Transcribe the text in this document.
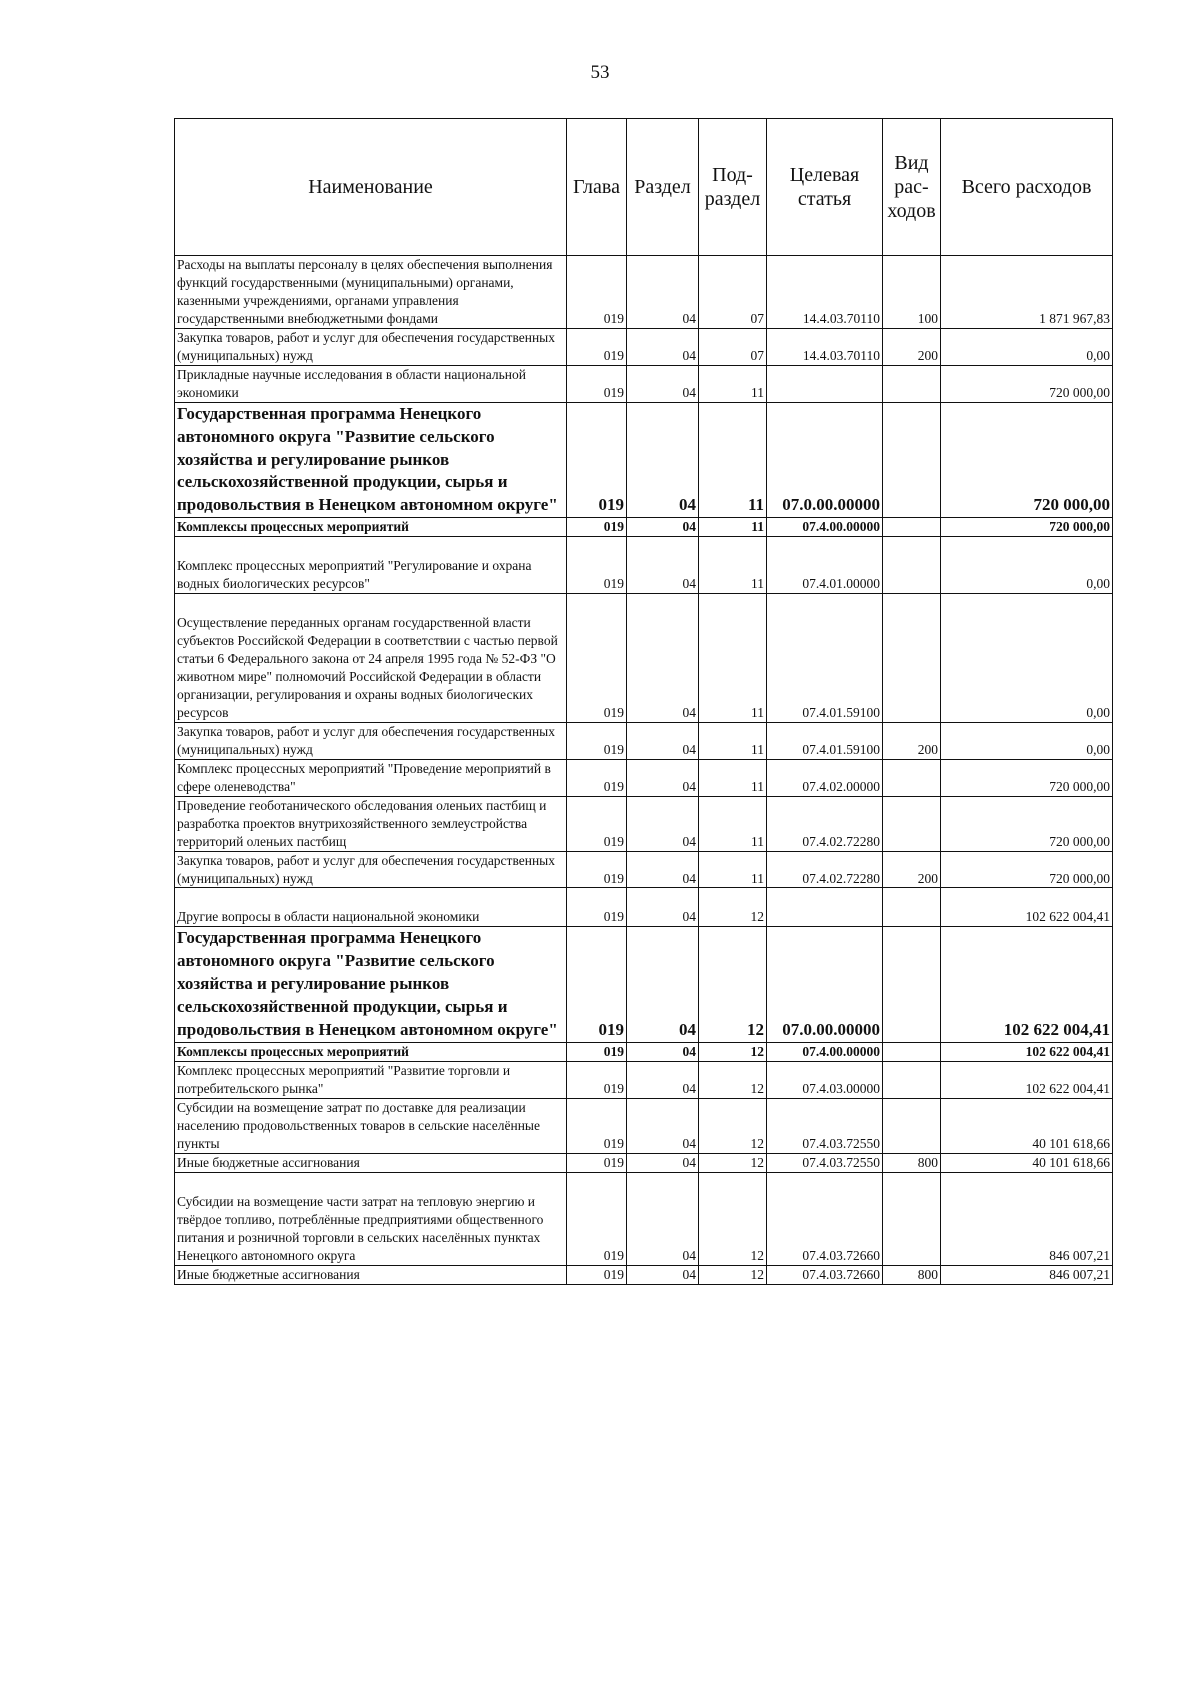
53
Наименование	Глава	Раздел	Под-раздел	Целевая статья	Вид рас-ходов	Всего расходов
Расходы на выплаты персоналу в целях обеспечения выполнения функций государственными (муниципальными) органами, казенными учреждениями, органами управления государственными внебюджетными фондами	019	04	07	14.4.03.70110	100	1 871 967,83
Закупка товаров, работ и услуг для обеспечения государственных (муниципальных) нужд	019	04	07	14.4.03.70110	200	0,00
Прикладные научные исследования в области национальной экономики	019	04	11			720 000,00
Государственная программа Ненецкого автономного округа "Развитие сельского хозяйства и регулирование рынков сельскохозяйственной продукции, сырья и продовольствия в Ненецком автономном округе"	019	04	11	07.0.00.00000		720 000,00
Комплексы процессных мероприятий	019	04	11	07.4.00.00000		720 000,00
Комплекс процессных мероприятий "Регулирование и охрана водных биологических ресурсов"	019	04	11	07.4.01.00000		0,00
Осуществление переданных органам государственной власти субъектов Российской Федерации в соответствии с частью первой статьи 6 Федерального закона от 24 апреля 1995 года № 52-ФЗ "О животном мире" полномочий Российской Федерации в области организации, регулирования и охраны водных биологических ресурсов	019	04	11	07.4.01.59100		0,00
Закупка товаров, работ и услуг для обеспечения государственных (муниципальных) нужд	019	04	11	07.4.01.59100	200	0,00
Комплекс процессных мероприятий "Проведение мероприятий в сфере оленеводства"	019	04	11	07.4.02.00000		720 000,00
Проведение геоботанического обследования оленьих пастбищ и разработка проектов внутрихозяйственного землеустройства территорий оленьих пастбищ	019	04	11	07.4.02.72280		720 000,00
Закупка товаров, работ и услуг для обеспечения государственных (муниципальных) нужд	019	04	11	07.4.02.72280	200	720 000,00
Другие вопросы в области национальной экономики	019	04	12			102 622 004,41
Государственная программа Ненецкого автономного округа "Развитие сельского хозяйства и регулирование рынков сельскохозяйственной продукции, сырья и продовольствия в Ненецком автономном округе"	019	04	12	07.0.00.00000		102 622 004,41
Комплексы процессных мероприятий	019	04	12	07.4.00.00000		102 622 004,41
Комплекс процессных мероприятий "Развитие торговли и потребительского рынка"	019	04	12	07.4.03.00000		102 622 004,41
Субсидии на возмещение затрат по доставке для реализации населению продовольственных товаров в сельские населённые пункты	019	04	12	07.4.03.72550		40 101 618,66
Иные бюджетные ассигнования	019	04	12	07.4.03.72550	800	40 101 618,66
Субсидии на возмещение части затрат на тепловую энергию и твёрдое топливо, потреблённые предприятиями общественного питания и розничной торговли в сельских населённых пунктах Ненецкого автономного округа	019	04	12	07.4.03.72660		846 007,21
Иные бюджетные ассигнования	019	04	12	07.4.03.72660	800	846 007,21
